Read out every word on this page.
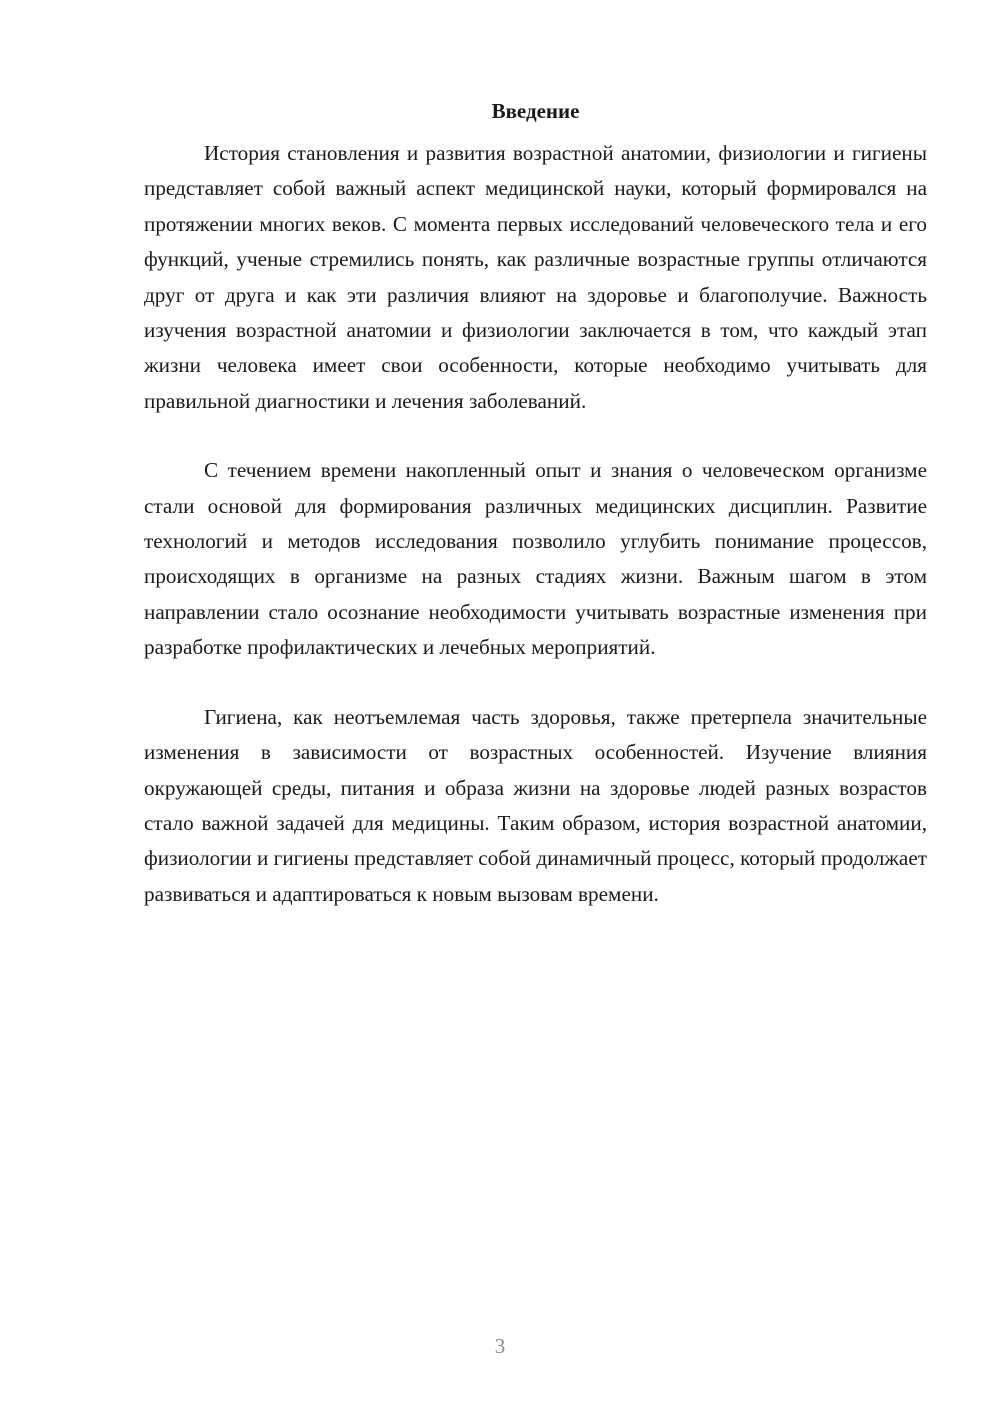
Введение

История становления и развития возрастной анатомии, физиологии и гигиены представляет собой важный аспект медицинской науки, который формировался на протяжении многих веков. С момента первых исследований человеческого тела и его функций, ученые стремились понять, как различные возрастные группы отличаются друг от друга и как эти различия влияют на здоровье и благополучие. Важность изучения возрастной анатомии и физиологии заключается в том, что каждый этап жизни человека имеет свои особенности, которые необходимо учитывать для правильной диагностики и лечения заболеваний.

С течением времени накопленный опыт и знания о человеческом организме стали основой для формирования различных медицинских дисциплин. Развитие технологий и методов исследования позволило углубить понимание процессов, происходящих в организме на разных стадиях жизни. Важным шагом в этом направлении стало осознание необходимости учитывать возрастные изменения при разработке профилактических и лечебных мероприятий.

Гигиена, как неотъемлемая часть здоровья, также претерпела значительные изменения в зависимости от возрастных особенностей. Изучение влияния окружающей среды, питания и образа жизни на здоровье людей разных возрастов стало важной задачей для медицины. Таким образом, история возрастной анатомии, физиологии и гигиены представляет собой динамичный процесс, который продолжает развиваться и адаптироваться к новым вызовам времени.

3
